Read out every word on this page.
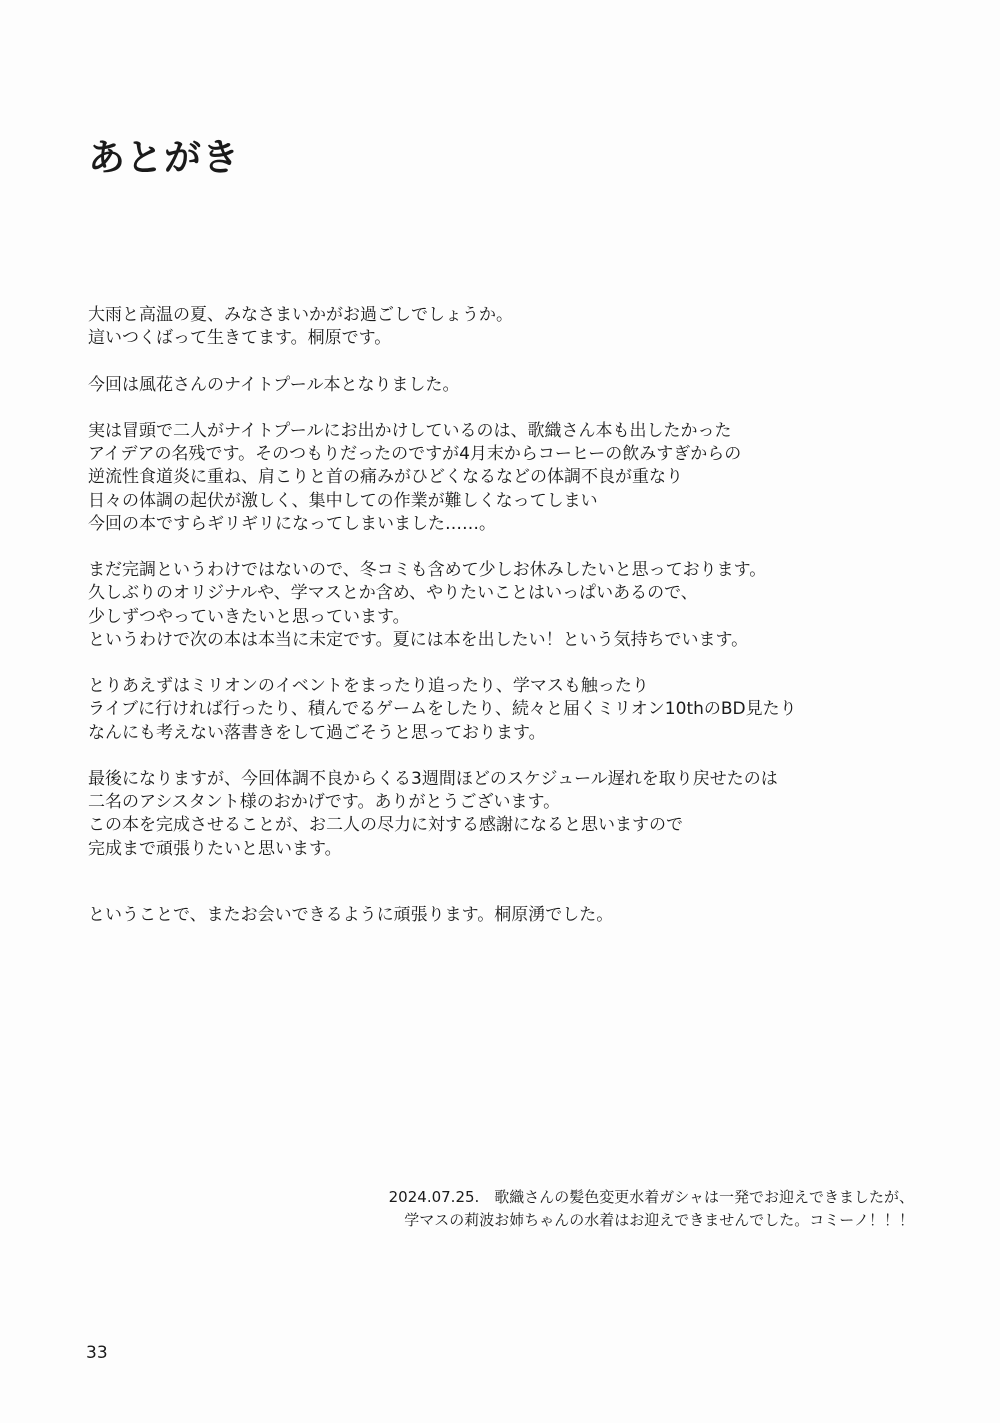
あとがき

大雨と高温の夏、みなさまいかがお過ごしでしょうか。
這いつくばって生きてます。桐原です。

今回は風花さんのナイトプール本となりました。

実は冒頭で二人がナイトプールにお出かけしているのは、歌織さん本も出したかった
アイデアの名残です。そのつもりだったのですが4月末からコーヒーの飲みすぎからの
逆流性食道炎に重ね、肩こりと首の痛みがひどくなるなどの体調不良が重なり
日々の体調の起伏が激しく、集中しての作業が難しくなってしまい
今回の本ですらギリギリになってしまいました……。

まだ完調というわけではないので、冬コミも含めて少しお休みしたいと思っております。
久しぶりのオリジナルや、学マスとか含め、やりたいことはいっぱいあるので、
少しずつやっていきたいと思っています。
というわけで次の本は本当に未定です。夏には本を出したい！という気持ちでいます。

とりあえずはミリオンのイベントをまったり追ったり、学マスも触ったり
ライブに行ければ行ったり、積んでるゲームをしたり、続々と届くミリオン10thのBD見たり
なんにも考えない落書きをして過ごそうと思っております。

最後になりますが、今回体調不良からくる3週間ほどのスケジュール遅れを取り戻せたのは
二名のアシスタント様のおかげです。ありがとうございます。
この本を完成させることが、お二人の尽力に対する感謝になると思いますので
完成まで頑張りたいと思います。

ということで、またお会いできるように頑張ります。桐原湧でした。
2024.07.25.　歌織さんの髪色変更水着ガシャは一発でお迎えできましたが、
学マスの莉波お姉ちゃんの水着はお迎えできませんでした。コミーノ！！！
33
